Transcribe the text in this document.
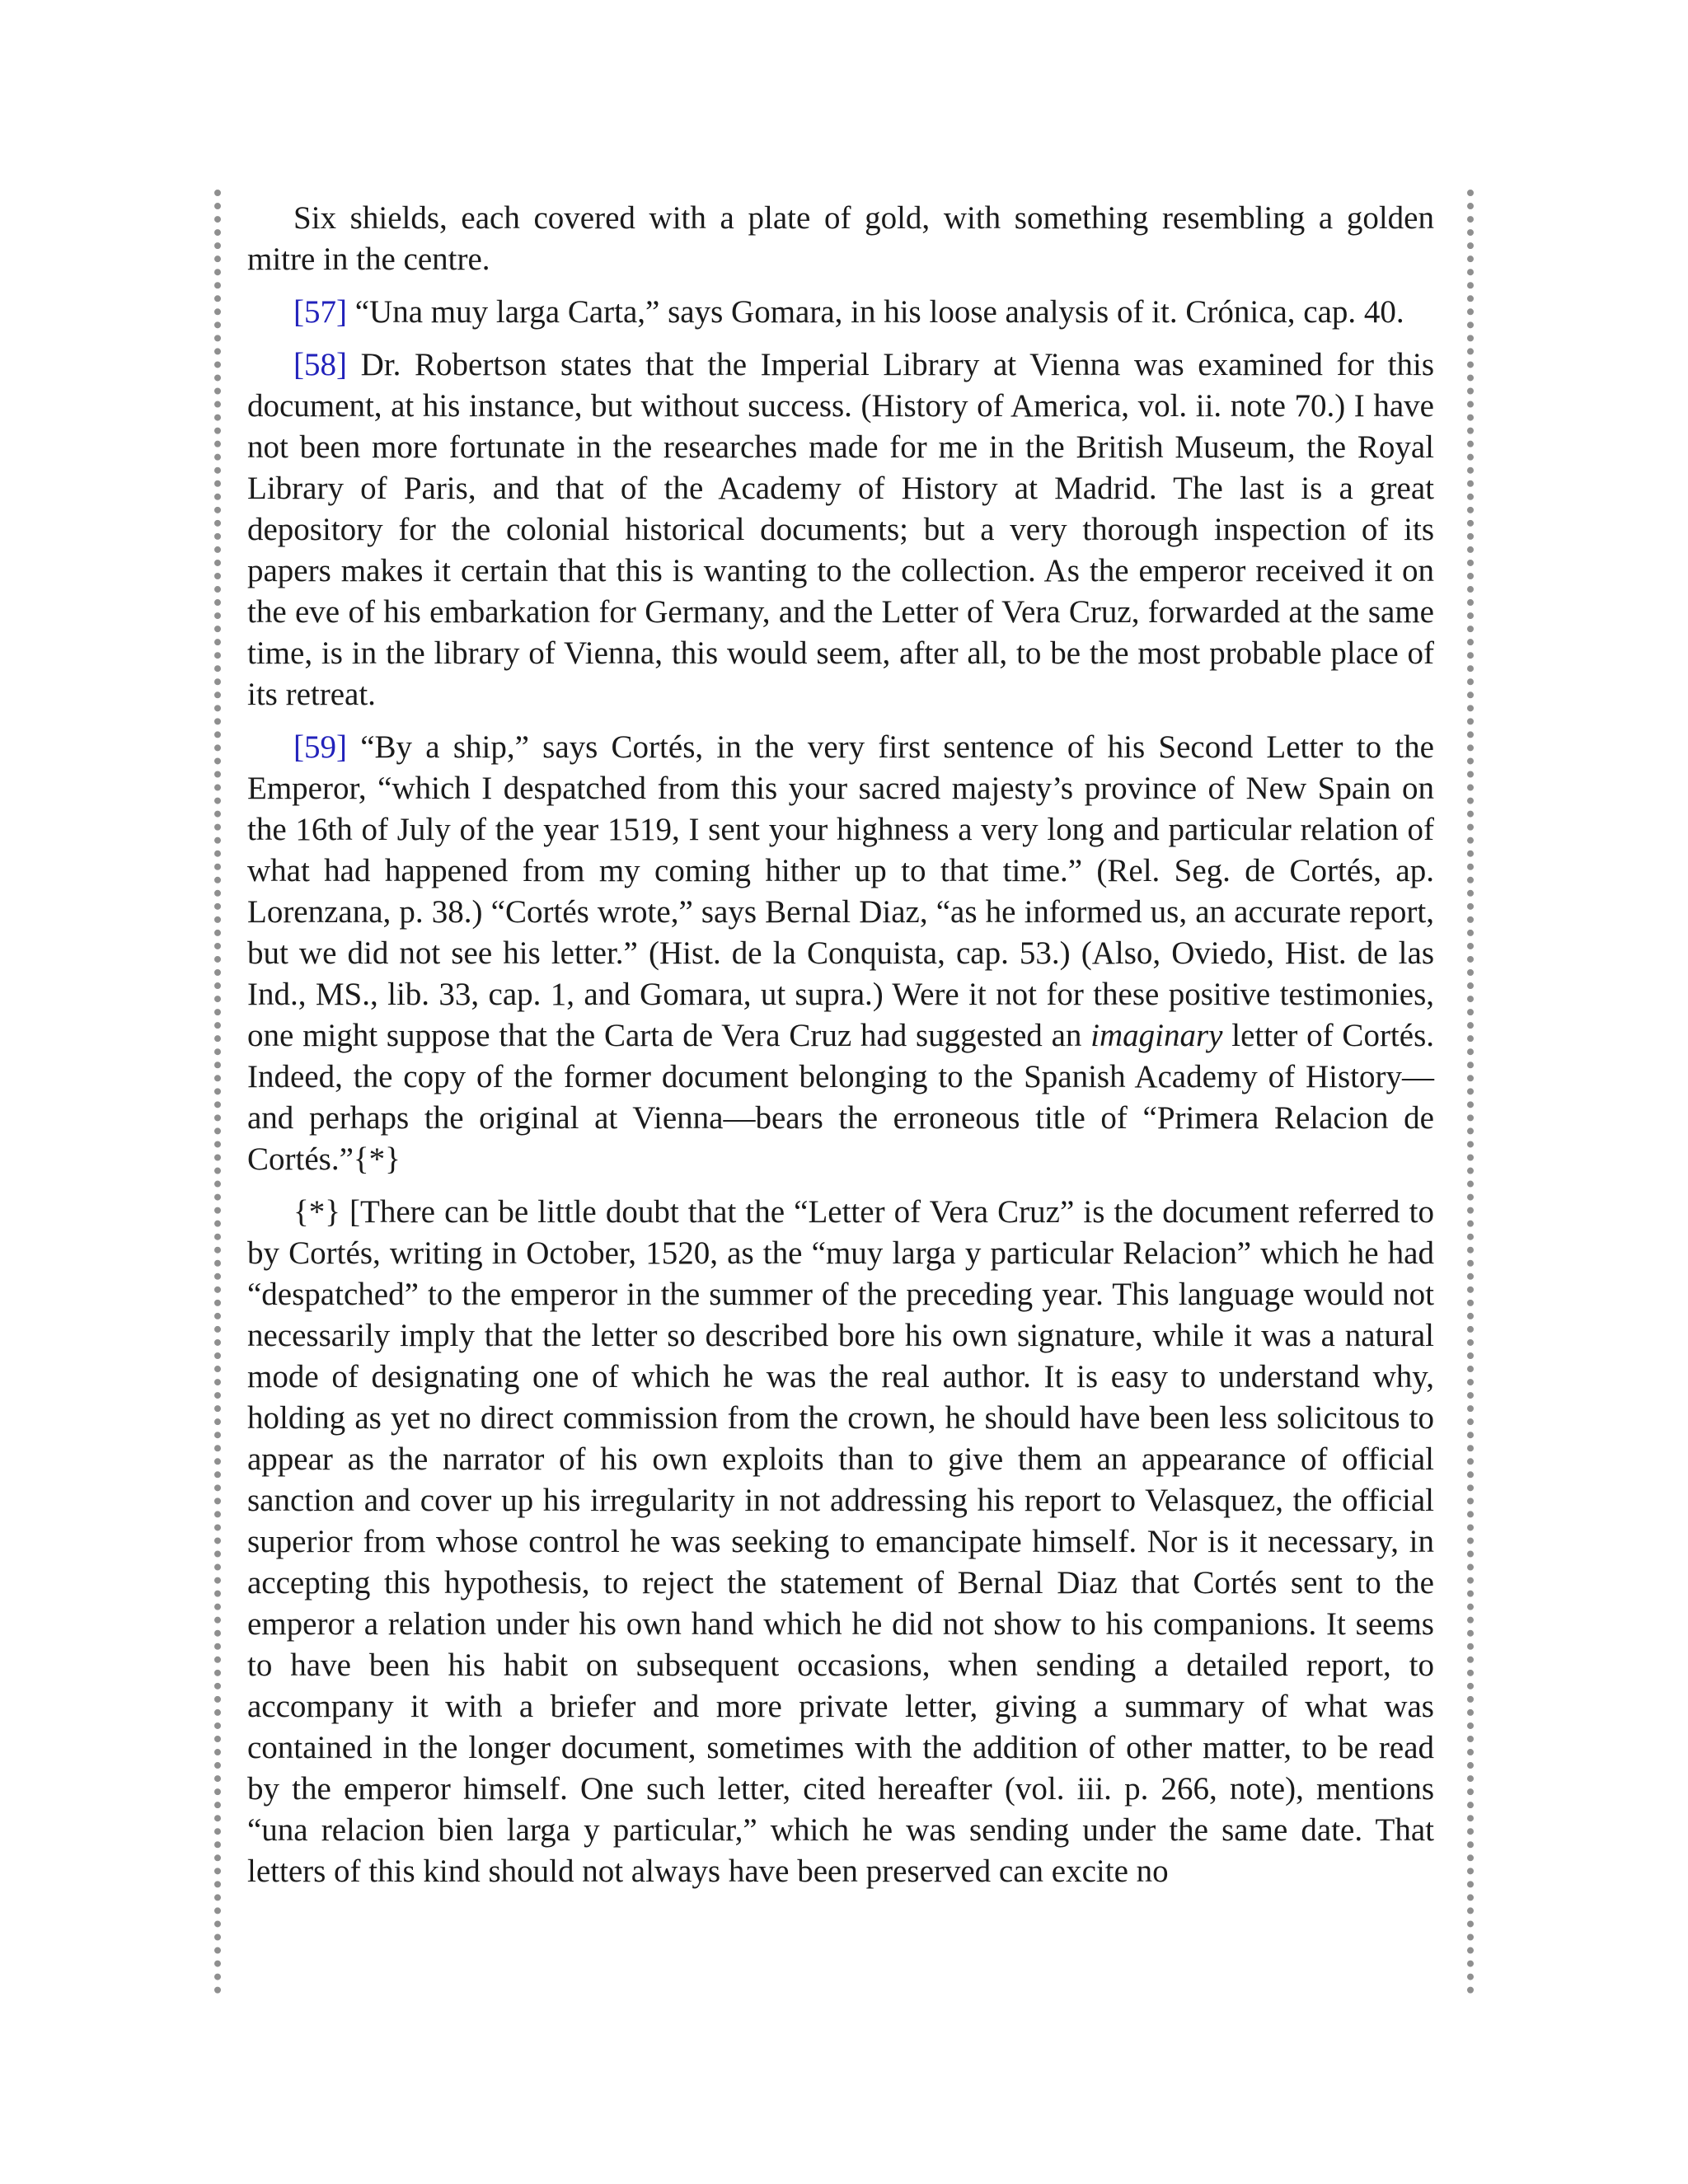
Six shields, each covered with a plate of gold, with something resembling a golden mitre in the centre.

[57] “Una muy larga Carta,” says Gomara, in his loose analysis of it. Crónica, cap. 40.

[58] Dr. Robertson states that the Imperial Library at Vienna was examined for this document, at his instance, but without success. (History of America, vol. ii. note 70.) I have not been more fortunate in the researches made for me in the British Museum, the Royal Library of Paris, and that of the Academy of History at Madrid. The last is a great depository for the colonial historical documents; but a very thorough inspection of its papers makes it certain that this is wanting to the collection. As the emperor received it on the eve of his embarkation for Germany, and the Letter of Vera Cruz, forwarded at the same time, is in the library of Vienna, this would seem, after all, to be the most probable place of its retreat.

[59] “By a ship,” says Cortés, in the very first sentence of his Second Letter to the Emperor, “which I despatched from this your sacred majesty’s province of New Spain on the 16th of July of the year 1519, I sent your highness a very long and particular relation of what had happened from my coming hither up to that time.” (Rel. Seg. de Cortés, ap. Lorenzana, p. 38.) “Cortés wrote,” says Bernal Diaz, “as he informed us, an accurate report, but we did not see his letter.” (Hist. de la Conquista, cap. 53.) (Also, Oviedo, Hist. de las Ind., MS., lib. 33, cap. 1, and Gomara, ut supra.) Were it not for these positive testimonies, one might suppose that the Carta de Vera Cruz had suggested an imaginary letter of Cortés. Indeed, the copy of the former document belonging to the Spanish Academy of History—and perhaps the original at Vienna—bears the erroneous title of “Primera Relacion de Cortés.”{*}

{*} [There can be little doubt that the “Letter of Vera Cruz” is the document referred to by Cortés, writing in October, 1520, as the “muy larga y particular Relacion” which he had “despatched” to the emperor in the summer of the preceding year. This language would not necessarily imply that the letter so described bore his own signature, while it was a natural mode of designating one of which he was the real author. It is easy to understand why, holding as yet no direct commission from the crown, he should have been less solicitous to appear as the narrator of his own exploits than to give them an appearance of official sanction and cover up his irregularity in not addressing his report to Velasquez, the official superior from whose control he was seeking to emancipate himself. Nor is it necessary, in accepting this hypothesis, to reject the statement of Bernal Diaz that Cortés sent to the emperor a relation under his own hand which he did not show to his companions. It seems to have been his habit on subsequent occasions, when sending a detailed report, to accompany it with a briefer and more private letter, giving a summary of what was contained in the longer document, sometimes with the addition of other matter, to be read by the emperor himself. One such letter, cited hereafter (vol. iii. p. 266, note), mentions “una relacion bien larga y particular,” which he was sending under the same date. That letters of this kind should not always have been preserved can excite no
